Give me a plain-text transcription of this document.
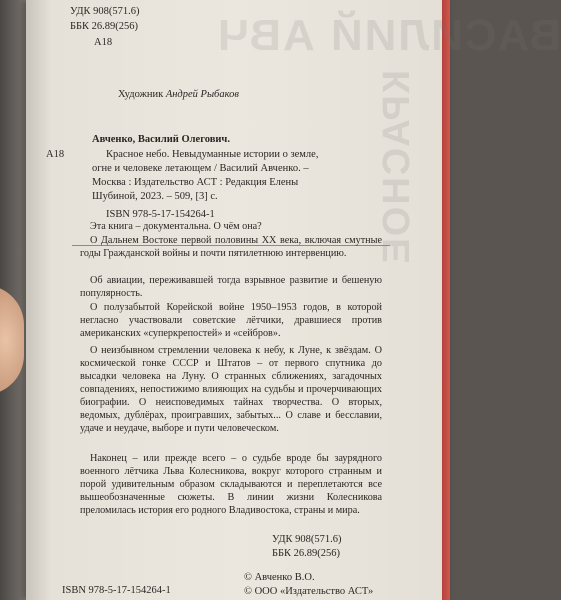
ВАСИЛИЙ АВЧ
КРАСНОЕ
УДК 908(571.6)
ББК 26.89(256)
А18
Художник Андрей Рыбаков
А18
Авченко, Василий Олегович.
Красное небо. Невыдуманные истории о земле,
огне и человеке летающем / Василий Авченко. –
Москва : Издательство АСТ : Редакция Елены
Шубиной, 2023. – 509, [3] с.
ISBN 978-5-17-154264-1
Эта книга – документальна. О чём она?
О Дальнем Востоке первой половины XX века, включая смутные годы Гражданской войны и почти пятилетнюю интервенцию.
Об авиации, переживавшей тогда взрывное развитие и бешеную популярность.
О полузабытой Корейской войне 1950–1953 годов, в которой негласно участвовали советские лётчики, дравшиеся против американских «суперкрепостей» и «сейбров».
О неизбывном стремлении человека к небу, к Луне, к звёздам. О космической гонке СССР и Штатов – от первого спутника до высадки человека на Луну. О странных сближениях, загадочных совпадениях, непостижимо влияющих на судьбы и прочерчивающих биографии. О неисповедимых тайнах творчества. О вторых, ведомых, дублёрах, проигравших, забытых... О славе и бесславии, удаче и неудаче, выборе и пути человеческом.
Наконец – или прежде всего – о судьбе вроде бы заурядного военного лётчика Льва Колесникова, вокруг которого странным и порой удивительным образом складываются и переплетаются все вышеобозначенные сюжеты. В линии жизни Колесникова преломилась история его родного Владивостока, страны и мира.
УДК 908(571.6)
ББК 26.89(256)
ISBN 978-5-17-154264-1
© Авченко В.О.
© ООО «Издательство АСТ»
